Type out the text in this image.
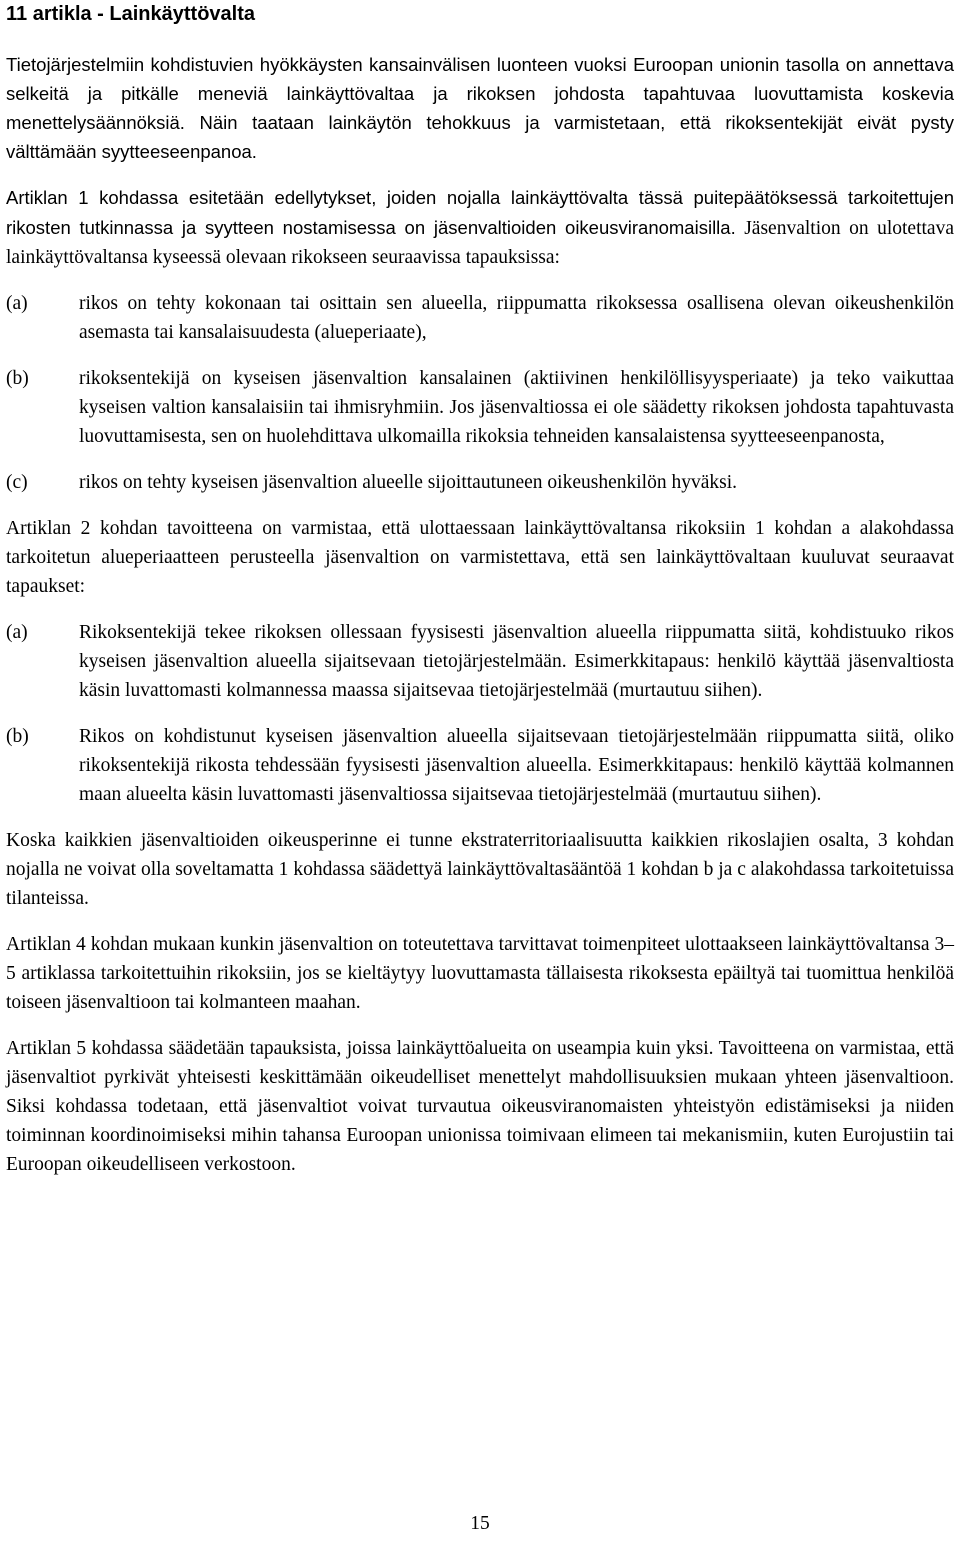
11 artikla - Lainkäyttövalta

Tietojärjestelmiin kohdistuvien hyökkäysten kansainvälisen luonteen vuoksi Euroopan unionin tasolla on annettava selkeitä ja pitkälle meneviä lainkäyttövaltaa ja rikoksen johdosta tapahtuvaa luovuttamista koskevia menettelysäännöksiä. Näin taataan lainkäytön tehokkuus ja varmistetaan, että rikoksentekijät eivät pysty välttämään syytteeseenpanoa.

Artiklan 1 kohdassa esitetään edellytykset, joiden nojalla lainkäyttövalta tässä puitepäätöksessä tarkoitettujen rikosten tutkinnassa ja syytteen nostamisessa on jäsenvaltioiden oikeusviranomaisilla. Jäsenvaltion on ulotettava lainkäyttövaltansa kyseessä olevaan rikokseen seuraavissa tapauksissa:

(a)	rikos on tehty kokonaan tai osittain sen alueella, riippumatta rikoksessa osallisena olevan oikeushenkilön asemasta tai kansalaisuudesta (alueperiaate),
(b)	rikoksentekijä on kyseisen jäsenvaltion kansalainen (aktiivinen henkilöllisyysperiaate) ja teko vaikuttaa kyseisen valtion kansalaisiin tai ihmisryhmiin. Jos jäsenvaltiossa ei ole säädetty rikoksen johdosta tapahtuvasta luovuttamisesta, sen on huolehdittava ulkomailla rikoksia tehneiden kansalaistensa syytteeseenpanosta,
(c)	rikos on tehty kyseisen jäsenvaltion alueelle sijoittautuneen oikeushenkilön hyväksi.

Artiklan 2 kohdan tavoitteena on varmistaa, että ulottaessaan lainkäyttövaltansa rikoksiin 1 kohdan a alakohdassa tarkoitetun alueperiaatteen perusteella jäsenvaltion on varmistettava, että sen lainkäyttövaltaan kuuluvat seuraavat tapaukset:

(a)	Rikoksentekijä tekee rikoksen ollessaan fyysisesti jäsenvaltion alueella riippumatta siitä, kohdistuuko rikos kyseisen jäsenvaltion alueella sijaitsevaan tietojärjestelmään. Esimerkkitapaus: henkilö käyttää jäsenvaltiosta käsin luvattomasti kolmannessa maassa sijaitsevaa tietojärjestelmää (murtautuu siihen).
(b)	Rikos on kohdistunut kyseisen jäsenvaltion alueella sijaitsevaan tietojärjestelmään riippumatta siitä, oliko rikoksentekijä rikosta tehdessään fyysisesti jäsenvaltion alueella. Esimerkkitapaus: henkilö käyttää kolmannen maan alueelta käsin luvattomasti jäsenvaltiossa sijaitsevaa tietojärjestelmää (murtautuu siihen).

Koska kaikkien jäsenvaltioiden oikeusperinne ei tunne ekstraterritoriaalisuutta kaikkien rikoslajien osalta, 3 kohdan nojalla ne voivat olla soveltamatta 1 kohdassa säädettyä lainkäyttövaltasääntöä 1 kohdan b ja c alakohdassa tarkoitetuissa tilanteissa.

Artiklan 4 kohdan mukaan kunkin jäsenvaltion on toteutettava tarvittavat toimenpiteet ulottaakseen lainkäyttövaltansa 3–5 artiklassa tarkoitettuihin rikoksiin, jos se kieltäytyy luovuttamasta tällaisesta rikoksesta epäiltyä tai tuomittua henkilöä toiseen jäsenvaltioon tai kolmanteen maahan.

Artiklan 5 kohdassa säädetään tapauksista, joissa lainkäyttöalueita on useampia kuin yksi. Tavoitteena on varmistaa, että jäsenvaltiot pyrkivät yhteisesti keskittämään oikeudelliset menettelyt mahdollisuuksien mukaan yhteen jäsenvaltioon. Siksi kohdassa todetaan, että jäsenvaltiot voivat turvautua oikeusviranomaisten yhteistyön edistämiseksi ja niiden toiminnan koordinoimiseksi mihin tahansa Euroopan unionissa toimivaan elimeen tai mekanismiin, kuten Eurojustiin tai Euroopan oikeudelliseen verkostoon.

15
